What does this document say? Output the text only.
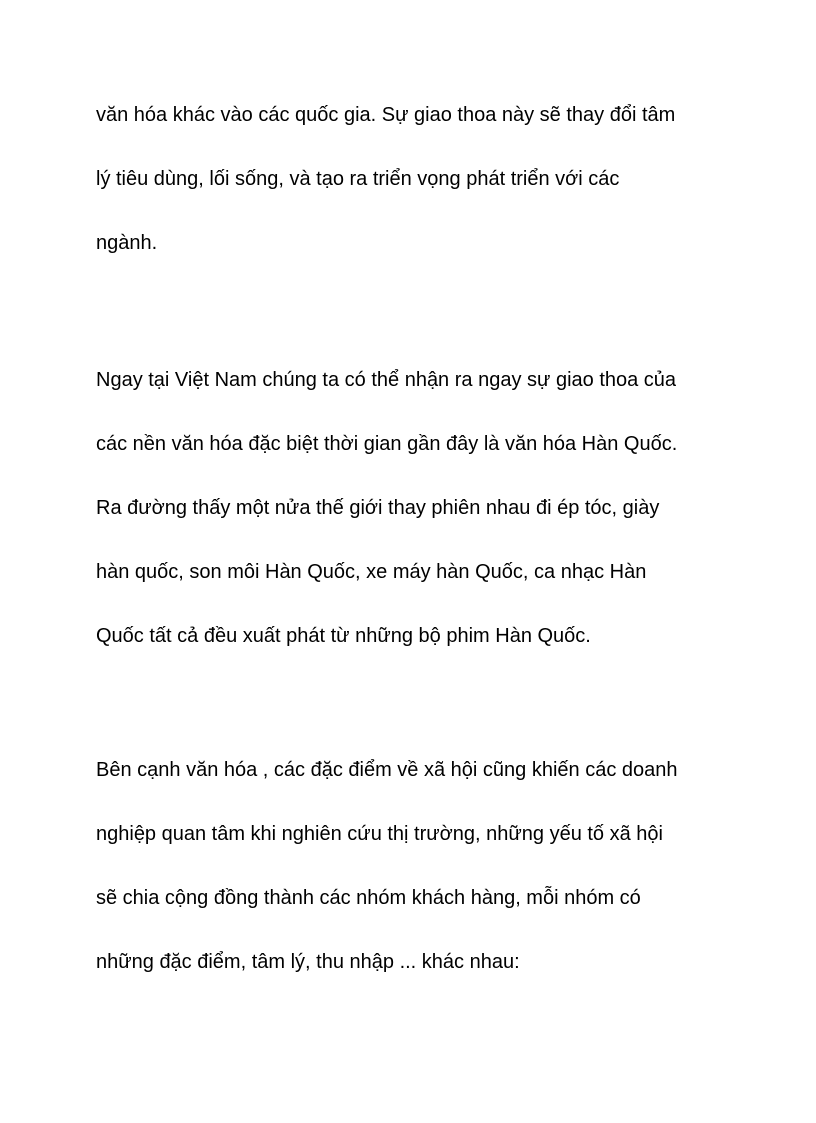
văn hóa khác vào các quốc gia. Sự giao thoa này sẽ thay đổi tâm
lý tiêu dùng, lối sống, và tạo ra triển vọng phát triển với các
ngành.
Ngay tại Việt Nam chúng ta có thể nhận ra ngay sự giao thoa của
các nền văn hóa đặc biệt thời gian gần đây là văn hóa Hàn Quốc.
Ra đường thấy một nửa thế giới thay phiên nhau đi ép tóc, giày
hàn quốc, son môi Hàn Quốc, xe máy hàn Quốc, ca nhạc Hàn
Quốc tất cả đều xuất phát từ những bộ phim Hàn Quốc.
Bên cạnh văn hóa , các đặc điểm về xã hội cũng khiến các doanh
nghiệp quan tâm khi nghiên cứu thị trường, những yếu tố xã hội
sẽ chia cộng đồng thành các nhóm khách hàng, mỗi nhóm có
những đặc điểm, tâm lý, thu nhập ... khác nhau:
